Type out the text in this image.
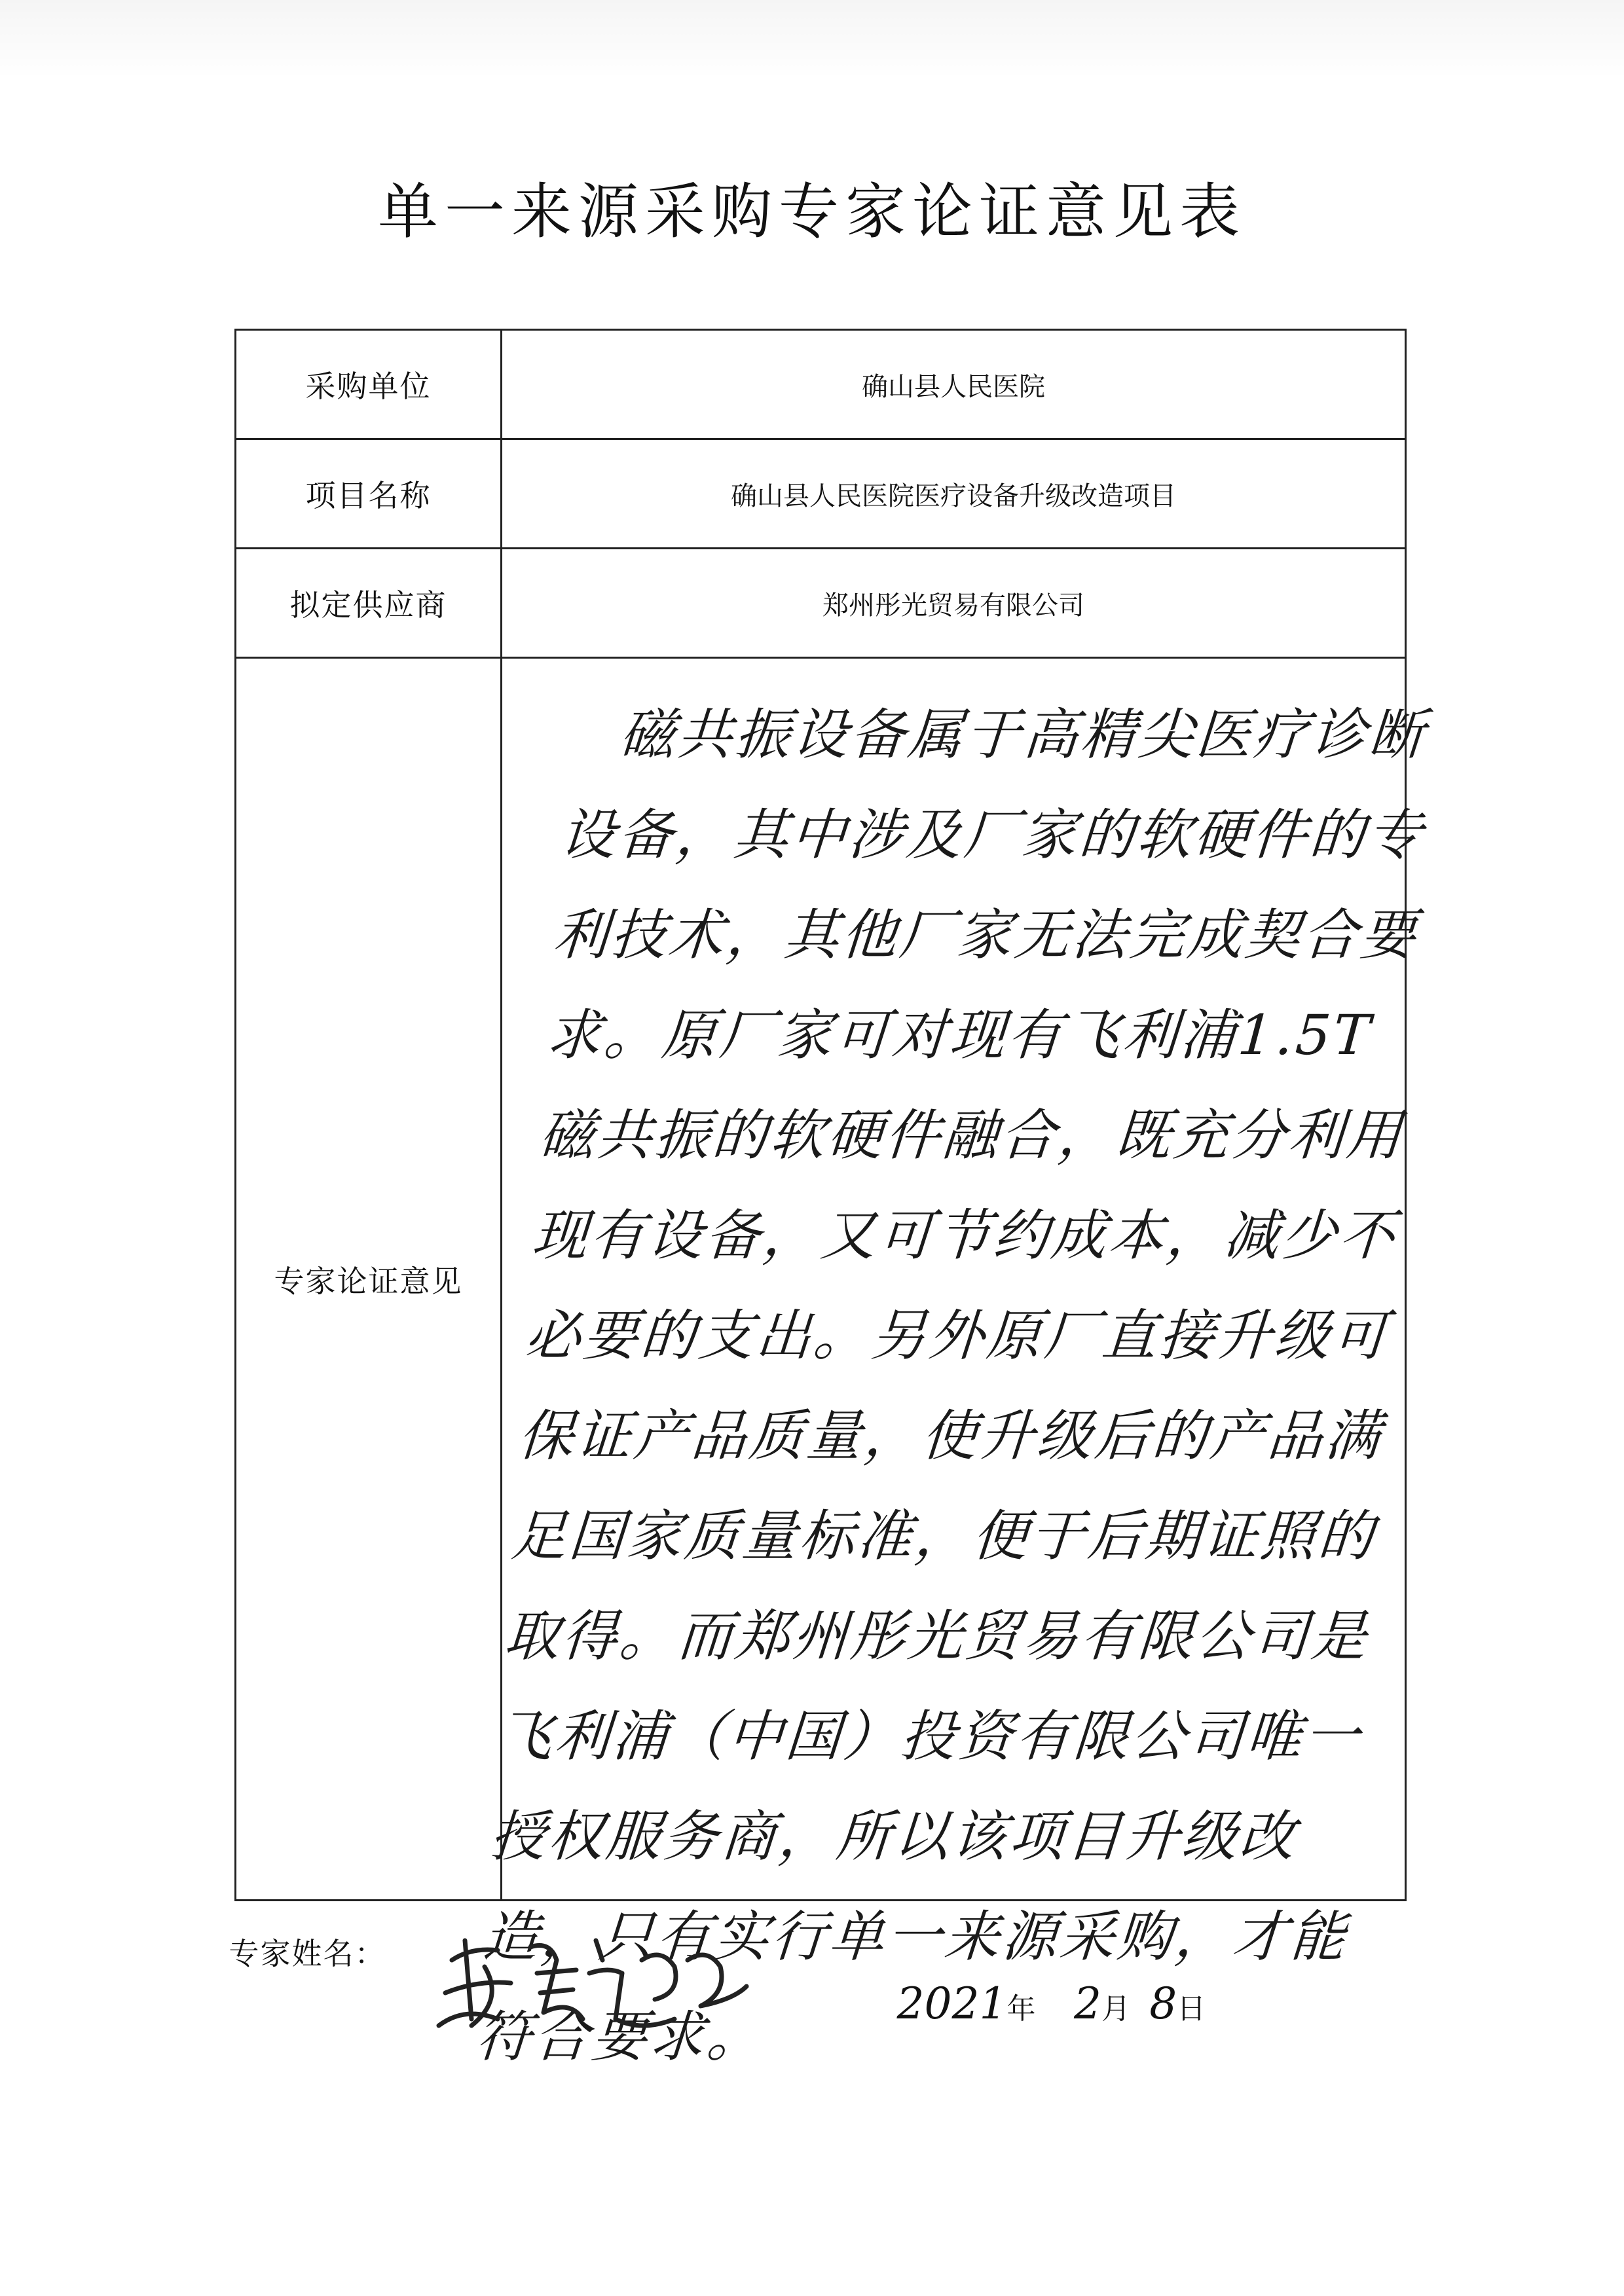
单一来源采购专家论证意见表
采购单位	确山县人民医院
项目名称	确山县人民医院医疗设备升级改造项目
拟定供应商	郑州彤光贸易有限公司
专家论证意见	磁共振设备属于高精尖医疗诊断设备，其中涉及厂家的软硬件的专利技术，其他厂家无法完成契合要求。原厂家可对现有飞利浦1.5T磁共振的软硬件融合，既充分利用现有设备，又可节约成本，减少不必要的支出。另外原厂直接升级可保证产品质量，使升级后的产品满足国家质量标准，便于后期证照的取得。而郑州彤光贸易有限公司是飞利浦（中国）投资有限公司唯一授权服务商，所以该项目升级改造，只有实行单一来源采购，才能符合要求。

专家姓名：
2021年 2月 8日	
